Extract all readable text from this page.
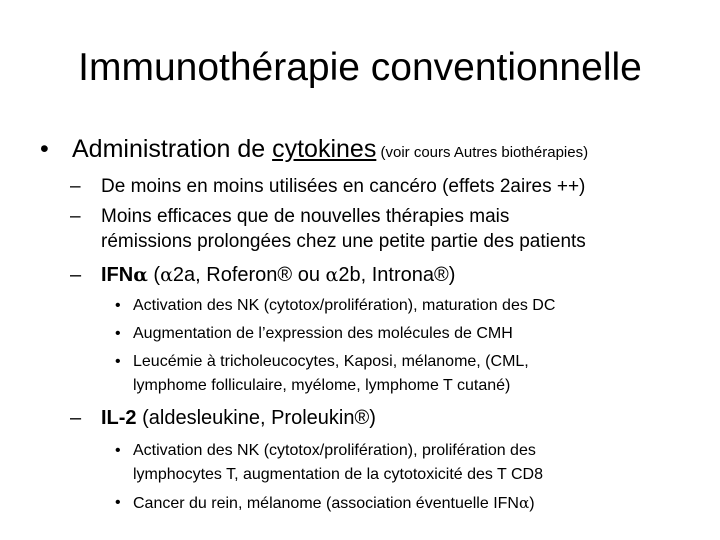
Immunothérapie conventionnelle
• Administration de cytokines (voir cours Autres biothérapies)
– De moins en moins utilisées en cancéro (effets 2aires ++)
– Moins efficaces que de nouvelles thérapies mais
rémissions prolongées chez une petite partie des patients
– IFNα (α2a, Roferon® ou α2b, Introna®)
• Activation des NK (cytotox/prolifération), maturation des DC
• Augmentation de l’expression des molécules de CMH
• Leucémie à tricholeucocytes, Kaposi, mélanome, (CML,
lymphome folliculaire, myélome, lymphome T cutané)
– IL-2 (aldesleukine, Proleukin®)
• Activation des NK (cytotox/prolifération), prolifération des
lymphocytes T, augmentation de la cytotoxicité des T CD8
• Cancer du rein, mélanome (association éventuelle IFNα)
